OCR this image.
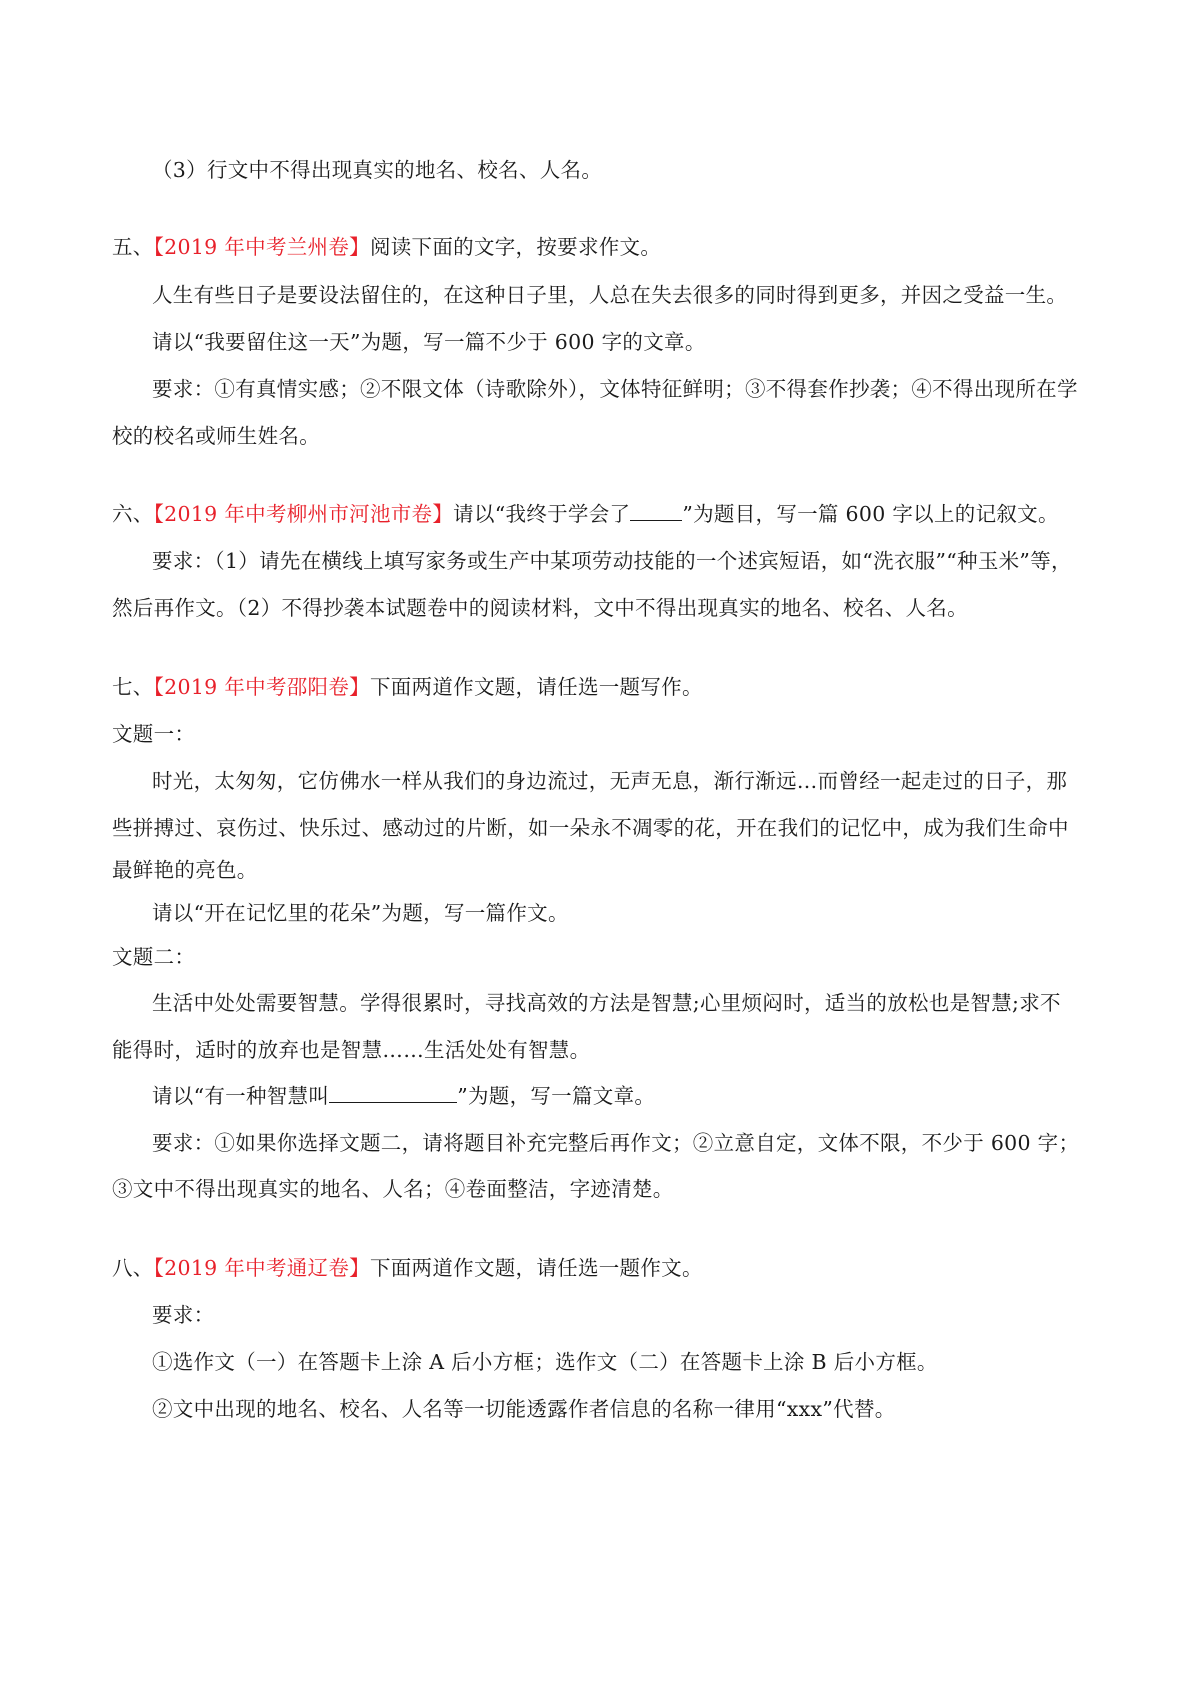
（3）行文中不得出现真实的地名、校名、人名。
五、【2019 年中考兰州卷】阅读下面的文字，按要求作文。
人生有些日子是要设法留住的，在这种日子里，人总在失去很多的同时得到更多，并因之受益一生。
请以“我要留住这一天”为题，写一篇不少于 600 字的文章。
要求：①有真情实感；②不限文体（诗歌除外），文体特征鲜明；③不得套作抄袭；④不得出现所在学
校的校名或师生姓名。
六、【2019 年中考柳州市河池市卷】请以“我终于学会了	”为题目，写一篇 600 字以上的记叙文。
要求：（1）请先在横线上填写家务或生产中某项劳动技能的一个述宾短语，如“洗衣服”“种玉米”等，
然后再作文。（2）不得抄袭本试题卷中的阅读材料，文中不得出现真实的地名、校名、人名。
七、【2019 年中考邵阳卷】下面两道作文题，请任选一题写作。
文题一：
时光，太匆匆，它仿佛水一样从我们的身边流过，无声无息，渐行渐远…而曾经一起走过的日子，那
些拼搏过、哀伤过、快乐过、感动过的片断，如一朵永不凋零的花，开在我们的记忆中，成为我们生命中
最鲜艳的亮色。
请以“开在记忆里的花朵”为题，写一篇作文。
文题二：
生活中处处需要智慧。学得很累时，寻找高效的方法是智慧;心里烦闷时，适当的放松也是智慧;求不
能得时，适时的放弃也是智慧……生活处处有智慧。
请以“有一种智慧叫	”为题，写一篇文章。
要求：①如果你选择文题二，请将题目补充完整后再作文；②立意自定，文体不限，不少于 600 字；
③文中不得出现真实的地名、人名；④卷面整洁，字迹清楚。
八、【2019 年中考通辽卷】下面两道作文题，请任选一题作文。
要求：
①选作文（一）在答题卡上涂 A 后小方框；选作文（二）在答题卡上涂 B 后小方框。
②文中出现的地名、校名、人名等一切能透露作者信息的名称一律用“xxx”代替。
